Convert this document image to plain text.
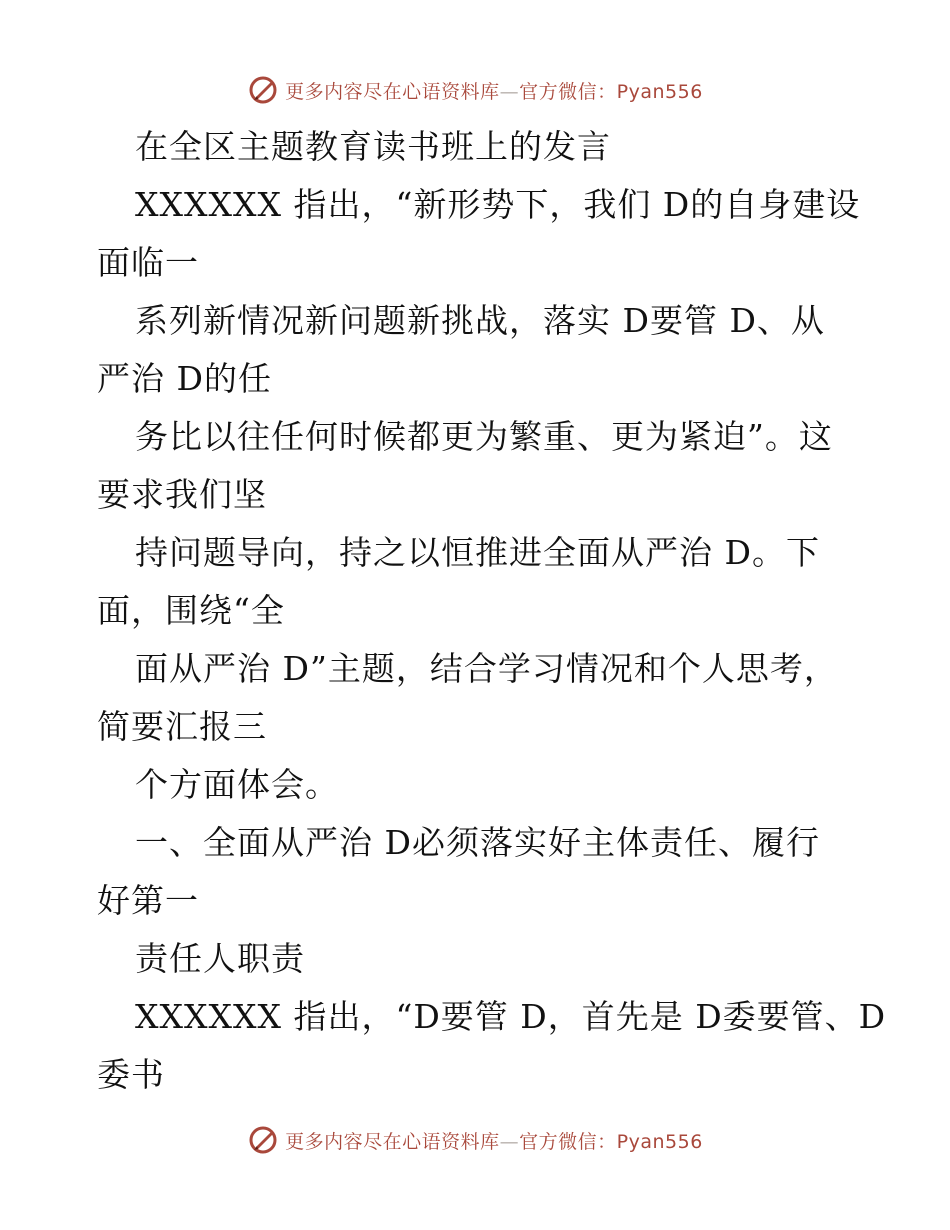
更多内容尽在心语资料库—官方微信：Pyan556
在全区主题教育读书班上的发言
XXXXXX 指出，“新形势下，我们 D的自身建设
面临一
系列新情况新问题新挑战，落实 D要管 D、从
严治 D的任
务比以往任何时候都更为繁重、更为紧迫”。这
要求我们坚
持问题导向，持之以恒推进全面从严治 D。下
面，围绕“全
面从严治 D”主题，结合学习情况和个人思考，
简要汇报三
个方面体会。
一、全面从严治 D必须落实好主体责任、履行
好第一
责任人职责
XXXXXX 指出，“D要管 D，首先是 D委要管、D
委书
更多内容尽在心语资料库—官方微信：Pyan556
